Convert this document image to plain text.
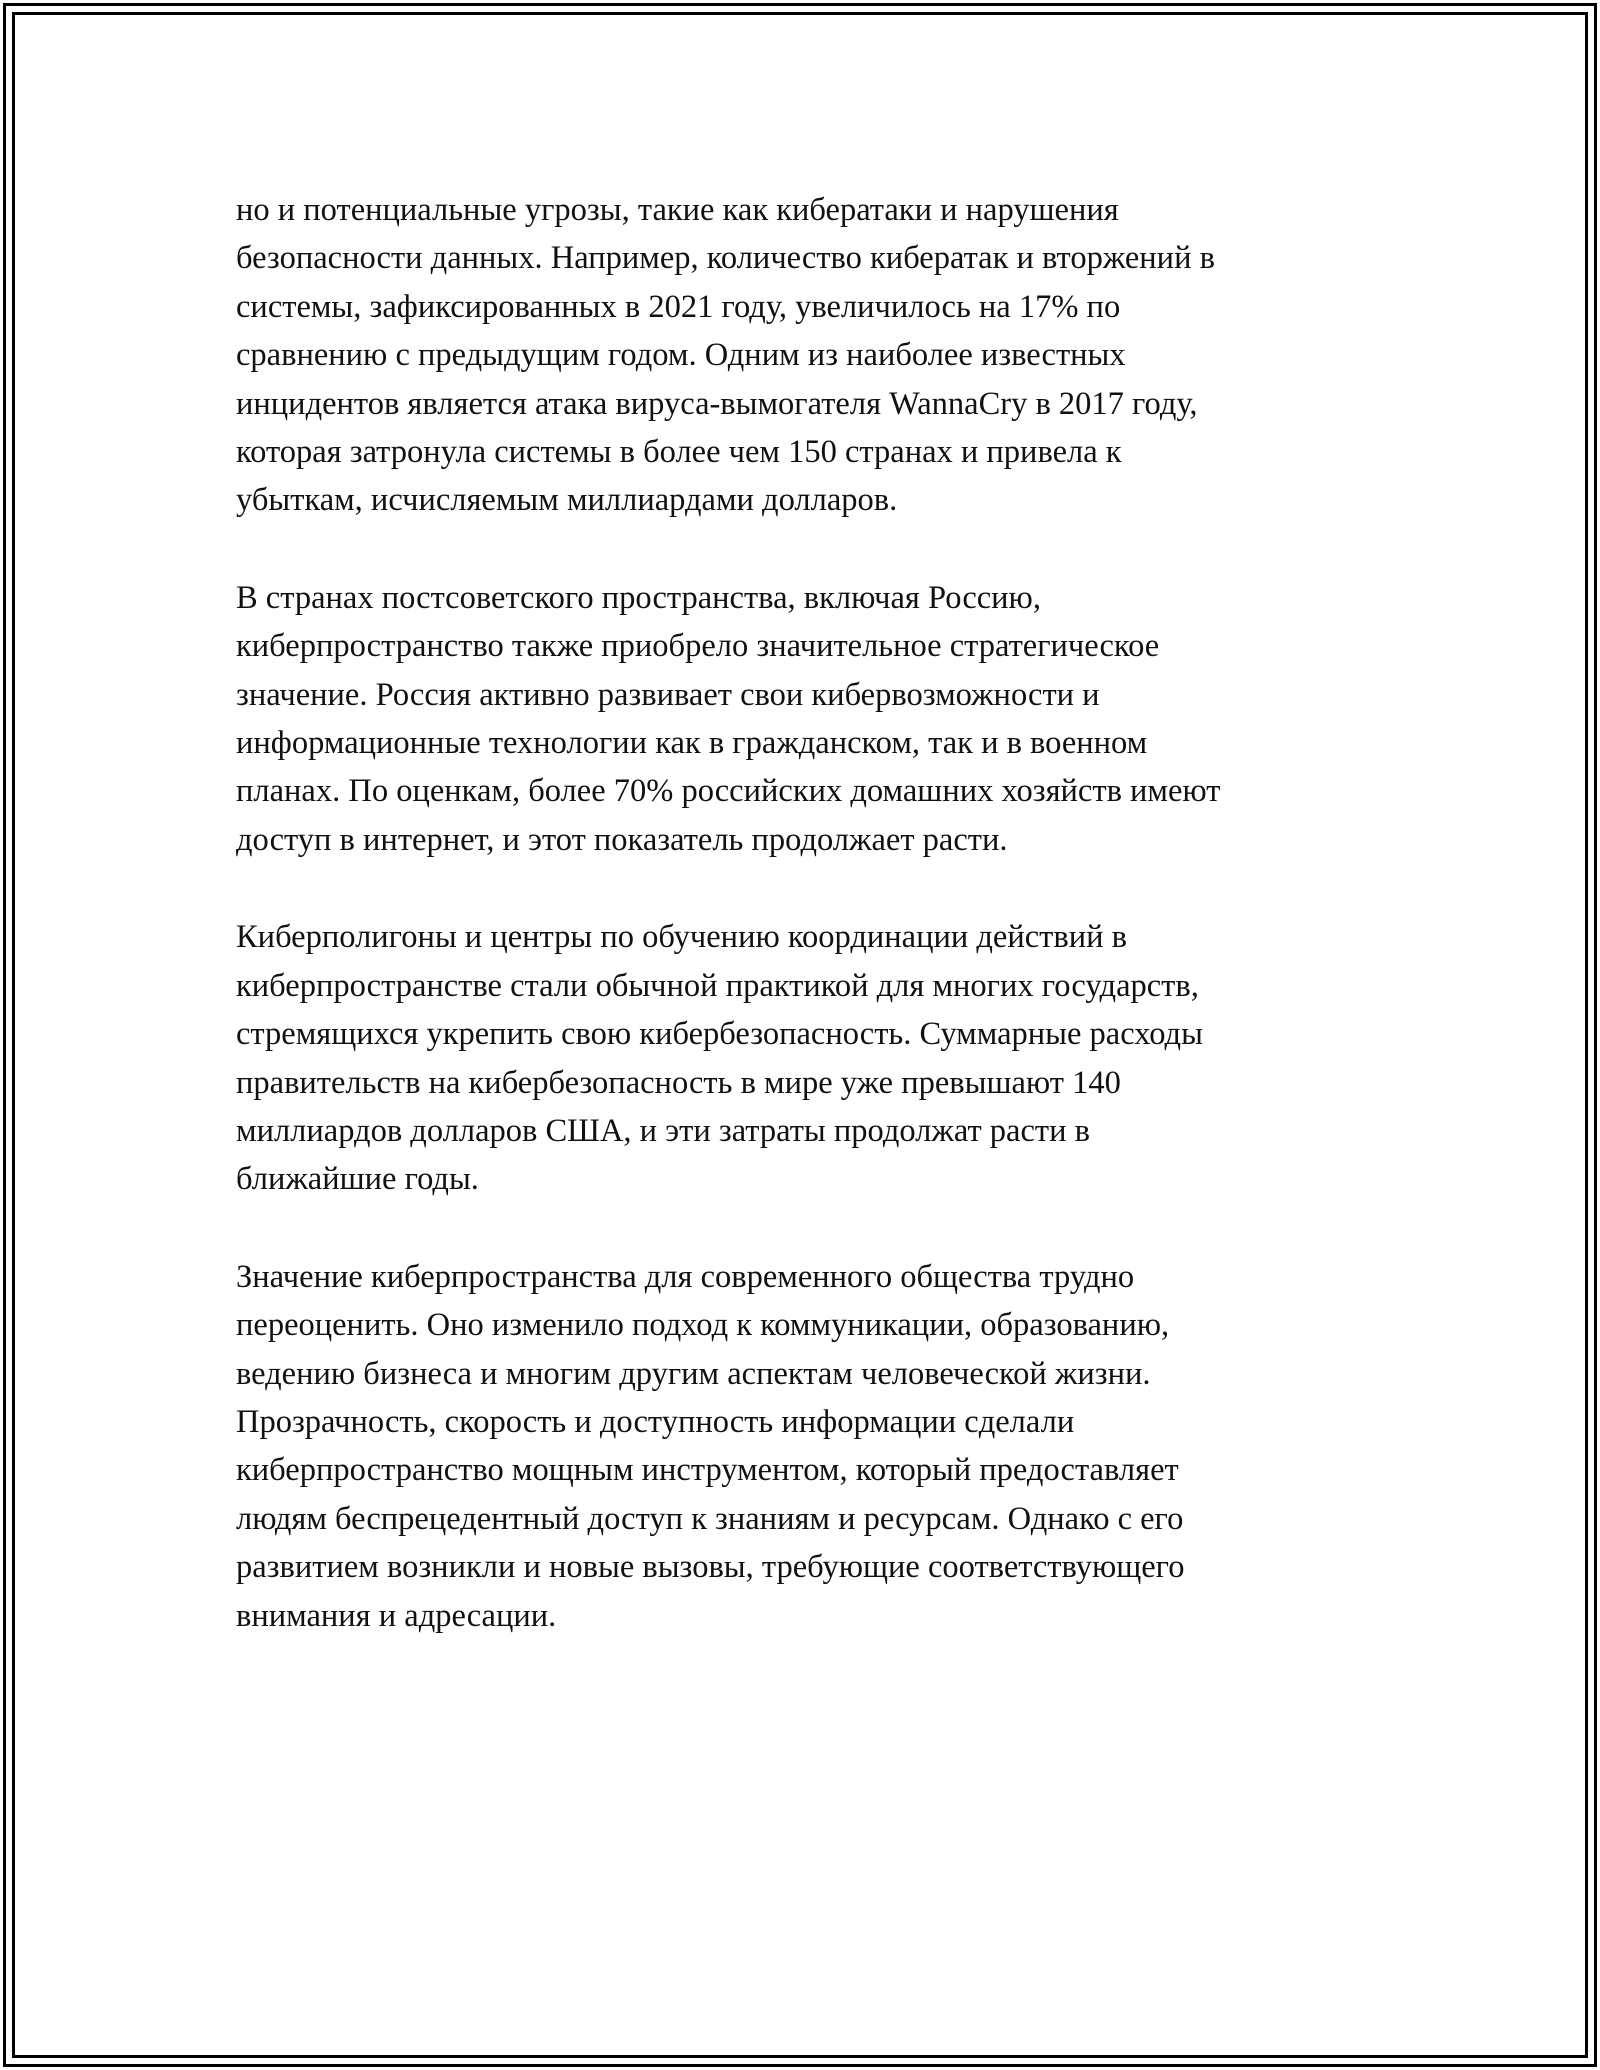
но и потенциальные угрозы, такие как кибератаки и нарушения
безопасности данных. Например, количество кибератак и вторжений в
системы, зафиксированных в 2021 году, увеличилось на 17% по
сравнению с предыдущим годом. Одним из наиболее известных
инцидентов является атака вируса-вымогателя WannaCry в 2017 году,
которая затронула системы в более чем 150 странах и привела к
убыткам, исчисляемым миллиардами долларов.

В странах постсоветского пространства, включая Россию,
киберпространство также приобрело значительное стратегическое
значение. Россия активно развивает свои кибервозможности и
информационные технологии как в гражданском, так и в военном
планах. По оценкам, более 70% российских домашних хозяйств имеют
доступ в интернет, и этот показатель продолжает расти.

Киберполигоны и центры по обучению координации действий в
киберпространстве стали обычной практикой для многих государств,
стремящихся укрепить свою кибербезопасность. Суммарные расходы
правительств на кибербезопасность в мире уже превышают 140
миллиардов долларов США, и эти затраты продолжат расти в
ближайшие годы.

Значение киберпространства для современного общества трудно
переоценить. Оно изменило подход к коммуникации, образованию,
ведению бизнеса и многим другим аспектам человеческой жизни.
Прозрачность, скорость и доступность информации сделали
киберпространство мощным инструментом, который предоставляет
людям беспрецедентный доступ к знаниям и ресурсам. Однако с его
развитием возникли и новые вызовы, требующие соответствующего
внимания и адресации.
